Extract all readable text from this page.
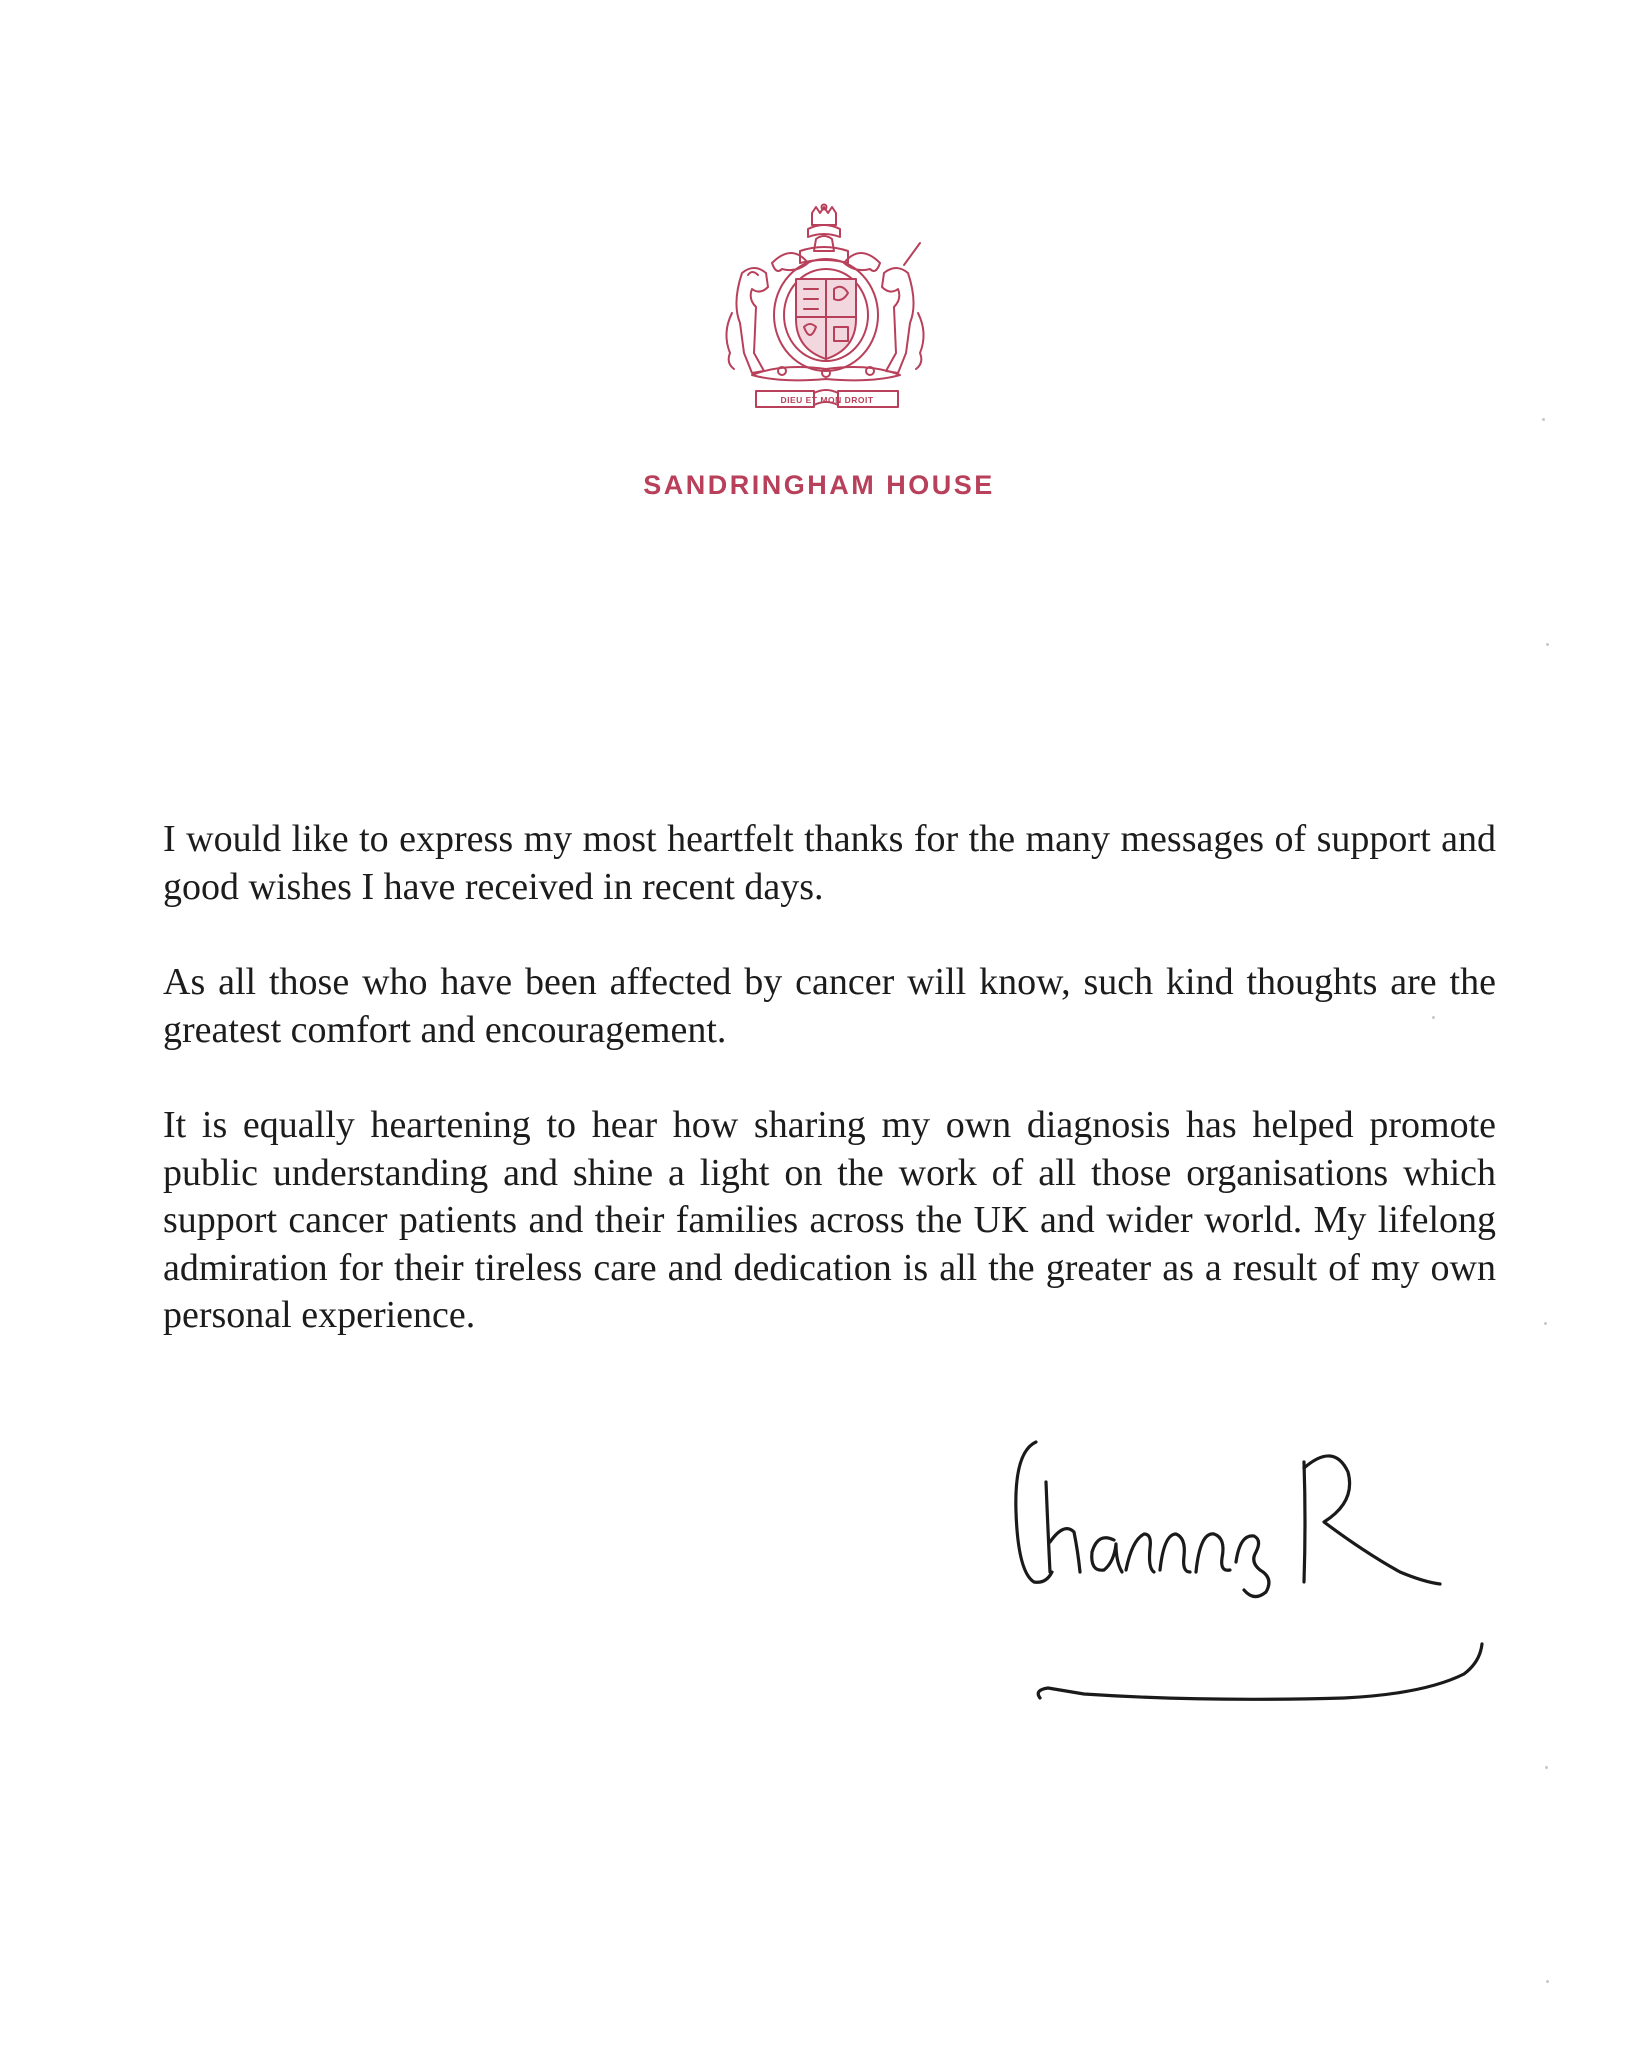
DIEU ET MON DROIT
SANDRINGHAM HOUSE

I would like to express my most heartfelt thanks for the many messages of support and good wishes I have received in recent days.

As all those who have been affected by cancer will know, such kind thoughts are the greatest comfort and encouragement.

It is equally heartening to hear how sharing my own diagnosis has helped promote public understanding and shine a light on the work of all those organisations which support cancer patients and their families across the UK and wider world. My lifelong admiration for their tireless care and dedication is all the greater as a result of my own personal experience.
